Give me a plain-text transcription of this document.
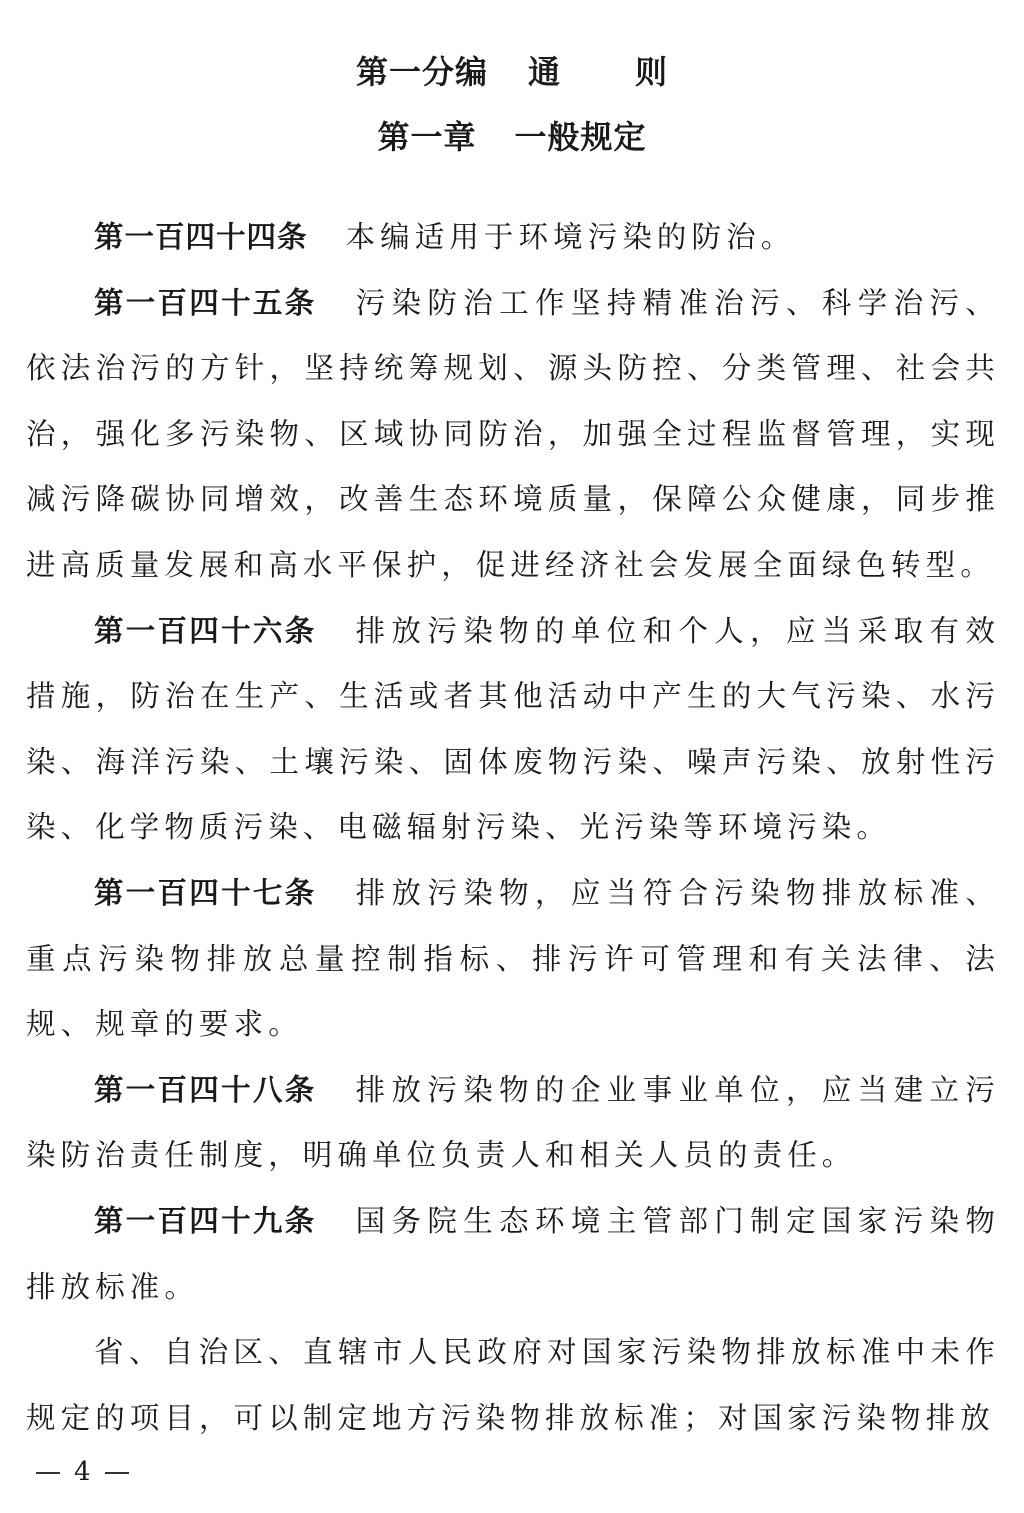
第一分编 通 则
第一章 一般规定

第一百四十四条 本编适用于环境污染的防治。

第一百四十五条 污染防治工作坚持精准治污、科学治污、依法治污的方针，坚持统筹规划、源头防控、分类管理、社会共治，强化多污染物、区域协同防治，加强全过程监督管理，实现减污降碳协同增效，改善生态环境质量，保障公众健康，同步推进高质量发展和高水平保护，促进经济社会发展全面绿色转型。

第一百四十六条 排放污染物的单位和个人，应当采取有效措施，防治在生产、生活或者其他活动中产生的大气污染、水污染、海洋污染、土壤污染、固体废物污染、噪声污染、放射性污染、化学物质污染、电磁辐射污染、光污染等环境污染。

第一百四十七条 排放污染物，应当符合污染物排放标准、重点污染物排放总量控制指标、排污许可管理和有关法律、法规、规章的要求。

第一百四十八条 排放污染物的企业事业单位，应当建立污染防治责任制度，明确单位负责人和相关人员的责任。

第一百四十九条 国务院生态环境主管部门制定国家污染物排放标准。

省、自治区、直辖市人民政府对国家污染物排放标准中未作规定的项目，可以制定地方污染物排放标准；对国家污染物排放

4
